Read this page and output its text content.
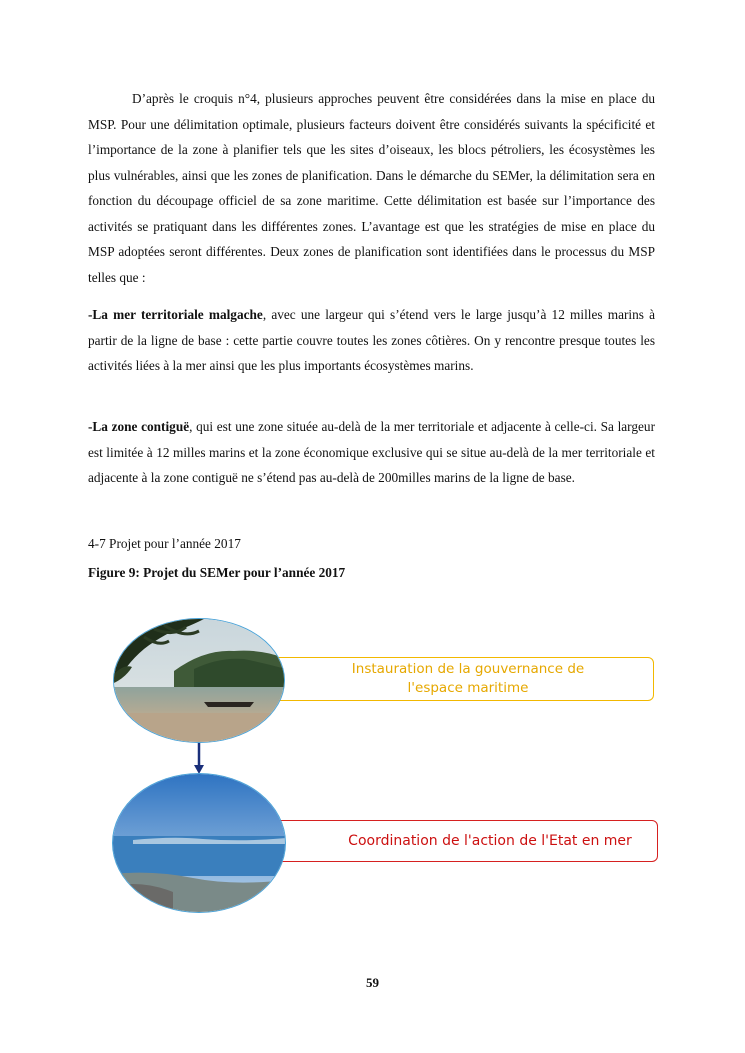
D’après le croquis n°4, plusieurs approches peuvent être considérées dans la mise en place du MSP. Pour une délimitation optimale, plusieurs facteurs doivent être considérés suivants la spécificité et l’importance de la zone à planifier tels que les sites d’oiseaux, les blocs pétroliers, les écosystèmes les plus vulnérables, ainsi que les zones de planification. Dans le démarche du SEMer, la délimitation sera en fonction du découpage officiel de sa zone maritime. Cette délimitation est basée sur l’importance des activités se pratiquant dans les différentes zones. L’avantage est que les stratégies de mise en place du MSP adoptées seront différentes. Deux zones de planification sont identifiées dans le processus du MSP telles que :

-La mer territoriale malgache, avec une largeur qui s’étend vers le large jusqu’à 12 milles marins à partir de la ligne de base : cette partie couvre toutes les zones côtières. On y rencontre presque toutes les activités liées à la mer ainsi que les plus importants écosystèmes marins.

-La zone contiguë, qui est une zone située au-delà de la mer territoriale et adjacente à celle-ci. Sa largeur est limitée à 12 milles marins et la zone économique exclusive qui se situe au-delà de la mer territoriale et adjacente à la zone contiguë ne s’étend pas au-delà de 200milles marins de la ligne de base.

4-7 Projet pour l’année 2017

Figure 9: Projet du SEMer pour l’année 2017

Instauration de la gouvernance de l'espace maritime
Coordination de l'action de l'Etat en mer
59
